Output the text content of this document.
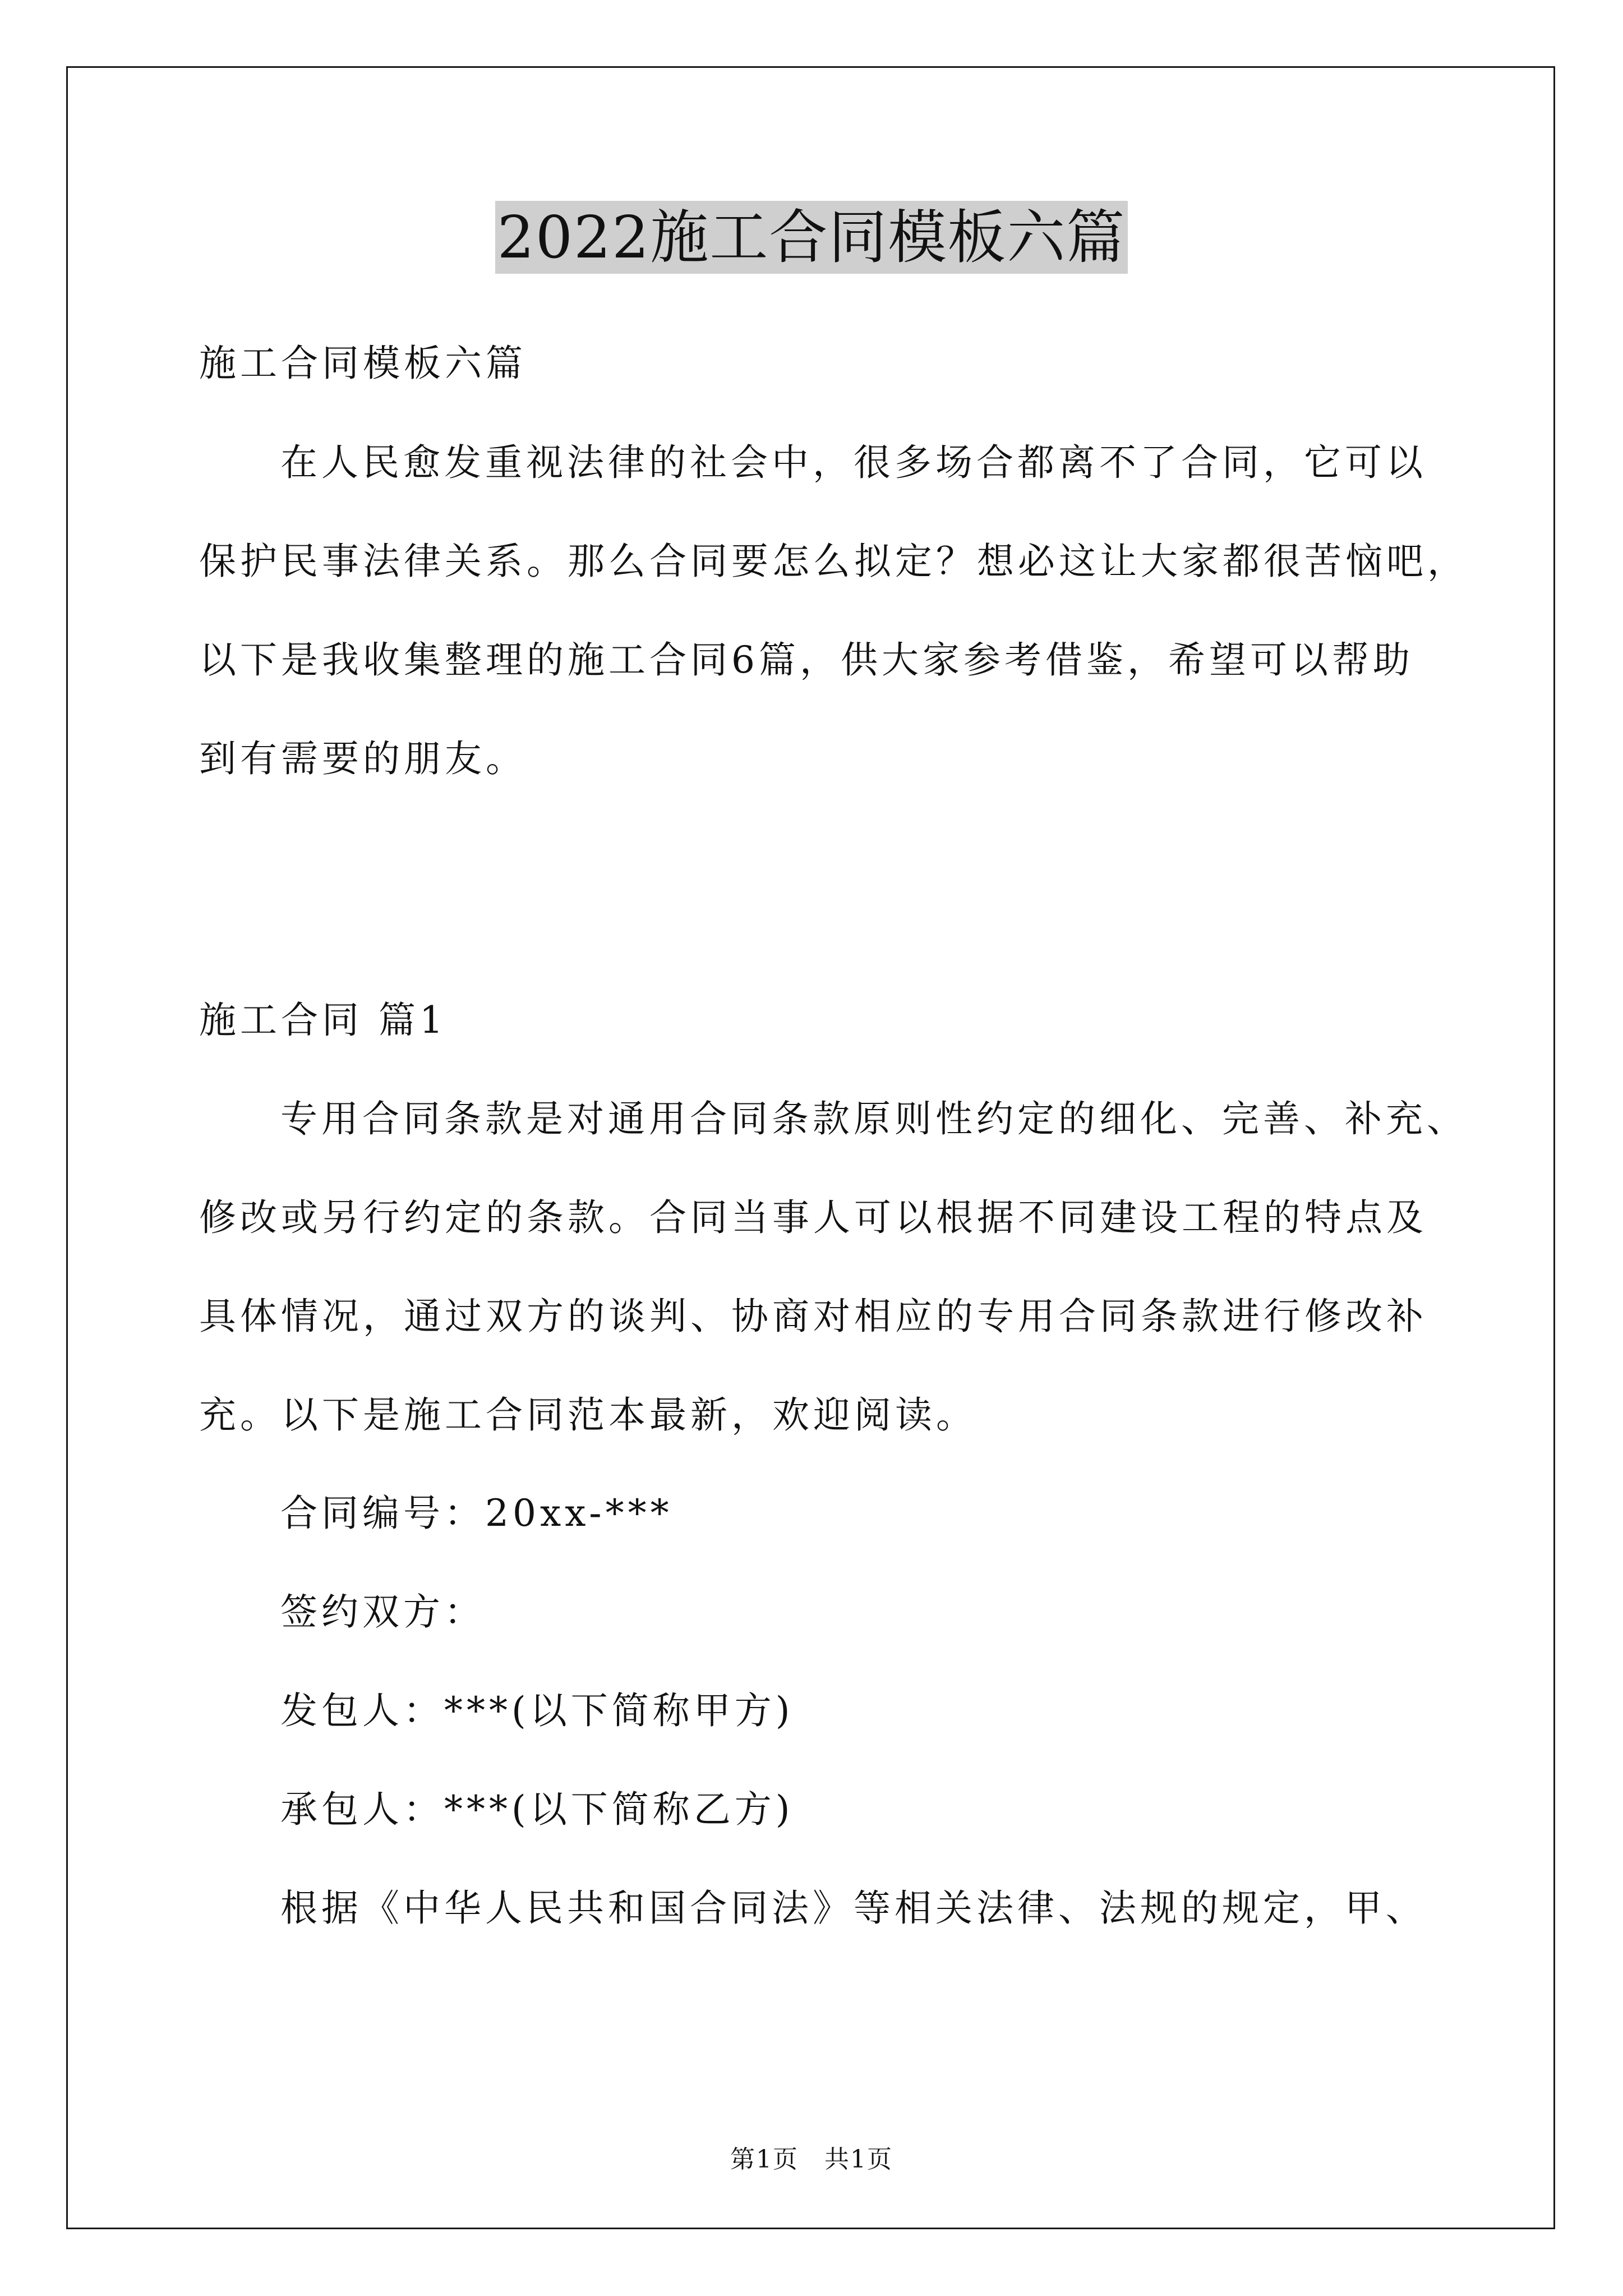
2022施工合同模板六篇
施工合同模板六篇
在人民愈发重视法律的社会中，很多场合都离不了合同，它可以
保护民事法律关系。那么合同要怎么拟定？想必这让大家都很苦恼吧，
以下是我收集整理的施工合同6篇，供大家参考借鉴，希望可以帮助
到有需要的朋友。
施工合同 篇1
专用合同条款是对通用合同条款原则性约定的细化、完善、补充、
修改或另行约定的条款。合同当事人可以根据不同建设工程的特点及
具体情况，通过双方的谈判、协商对相应的专用合同条款进行修改补
充。以下是施工合同范本最新，欢迎阅读。
合同编号：20xx-***
签约双方：
发包人：***(以下简称甲方)
承包人：***(以下简称乙方)
根据《中华人民共和国合同法》等相关法律、法规的规定，甲、
第1页　共1页
